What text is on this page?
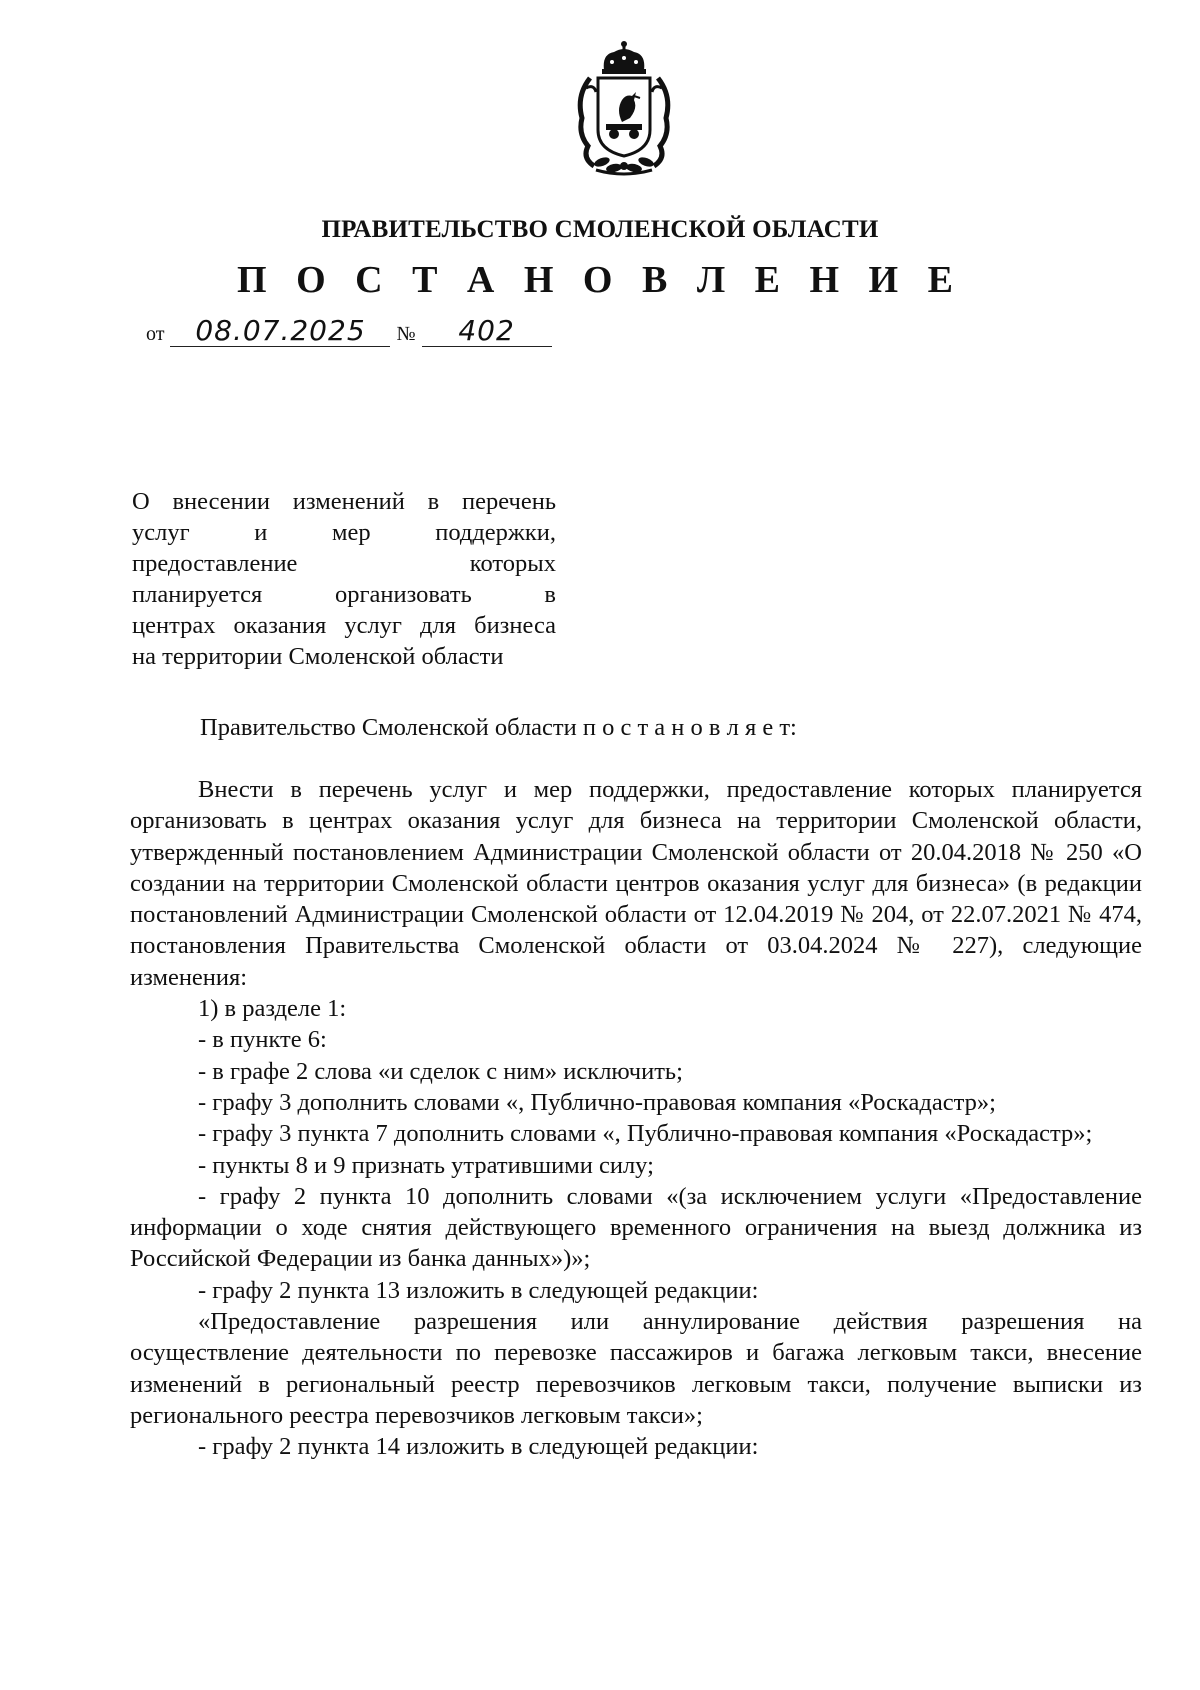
ПРАВИТЕЛЬСТВО СМОЛЕНСКОЙ ОБЛАСТИ
П О С Т А Н О В Л Е Н И Е
от 08.07.2025 № 402
О внесении изменений в перечень
услуг и мер поддержки,
предоставление которых
планируется организовать в
центрах оказания услуг для бизнеса
на территории Смоленской области
Правительство Смоленской области п о с т а н о в л я е т:

Внести в перечень услуг и мер поддержки, предоставление которых планируется организовать в центрах оказания услуг для бизнеса на территории Смоленской области, утвержденный постановлением Администрации Смоленской области от 20.04.2018 № 250 «О создании на территории Смоленской области центров оказания услуг для бизнеса» (в редакции постановлений Администрации Смоленской области от 12.04.2019 № 204, от 22.07.2021 № 474, постановления Правительства Смоленской области от 03.04.2024 № 227), следующие изменения:

1) в разделе 1:

- в пункте 6:

- в графе 2 слова «и сделок с ним» исключить;

- графу 3 дополнить словами «, Публично-правовая компания «Роскадастр»;

- графу 3 пункта 7 дополнить словами «, Публично-правовая компания «Роскадастр»;

- пункты 8 и 9 признать утратившими силу;

- графу 2 пункта 10 дополнить словами «(за исключением услуги «Предоставление информации о ходе снятия действующего временного ограничения на выезд должника из Российской Федерации из банка данных»)»;

- графу 2 пункта 13 изложить в следующей редакции:

«Предоставление разрешения или аннулирование действия разрешения на осуществление деятельности по перевозке пассажиров и багажа легковым такси, внесение изменений в региональный реестр перевозчиков легковым такси, получение выписки из регионального реестра перевозчиков легковым такси»;

- графу 2 пункта 14 изложить в следующей редакции:
